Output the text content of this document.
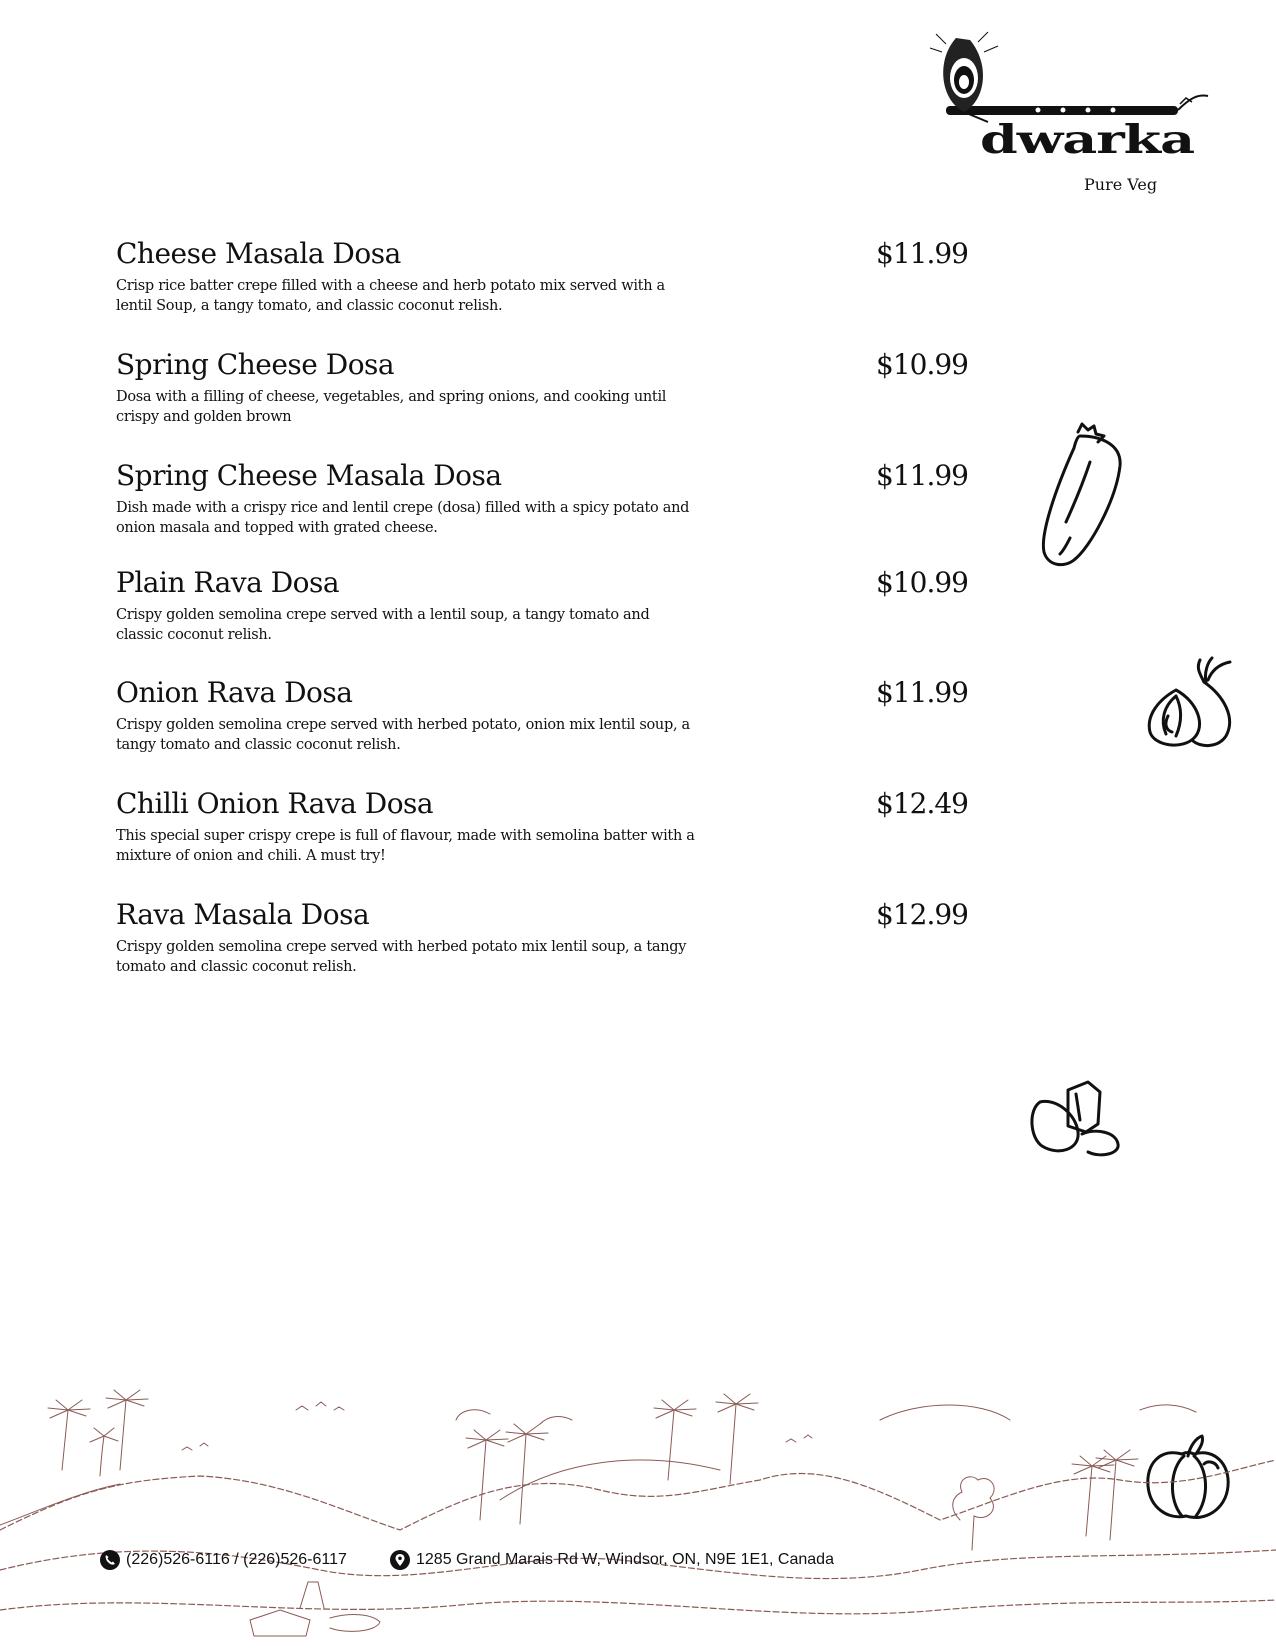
dwarka
Pure Veg
Cheese Masala Dosa	$11.99
Crisp rice batter crepe filled with a cheese and herb potato mix served with a lentil Soup, a tangy tomato, and classic coconut relish.
Spring Cheese Dosa	$10.99
Dosa with a filling of cheese, vegetables, and spring onions, and cooking until crispy and golden brown
Spring Cheese Masala Dosa	$11.99
Dish made with a crispy rice and lentil crepe (dosa) filled with a spicy potato and onion masala and topped with grated cheese.
Plain Rava Dosa	$10.99
Crispy golden semolina crepe served with a lentil soup, a tangy tomato and classic coconut relish.
Onion Rava Dosa	$11.99
Crispy golden semolina crepe served with herbed potato, onion mix lentil soup, a tangy tomato and classic coconut relish.
Chilli Onion Rava Dosa	$12.49
This special super crispy crepe is full of flavour, made with semolina batter with a mixture of onion and chili. A must try!
Rava Masala Dosa	$12.99
Crispy golden semolina crepe served with herbed potato mix lentil soup, a tangy tomato and classic coconut relish.
(226)526-6116 / (226)526-6117	1285 Grand Marais Rd W, Windsor, ON, N9E 1E1, Canada
